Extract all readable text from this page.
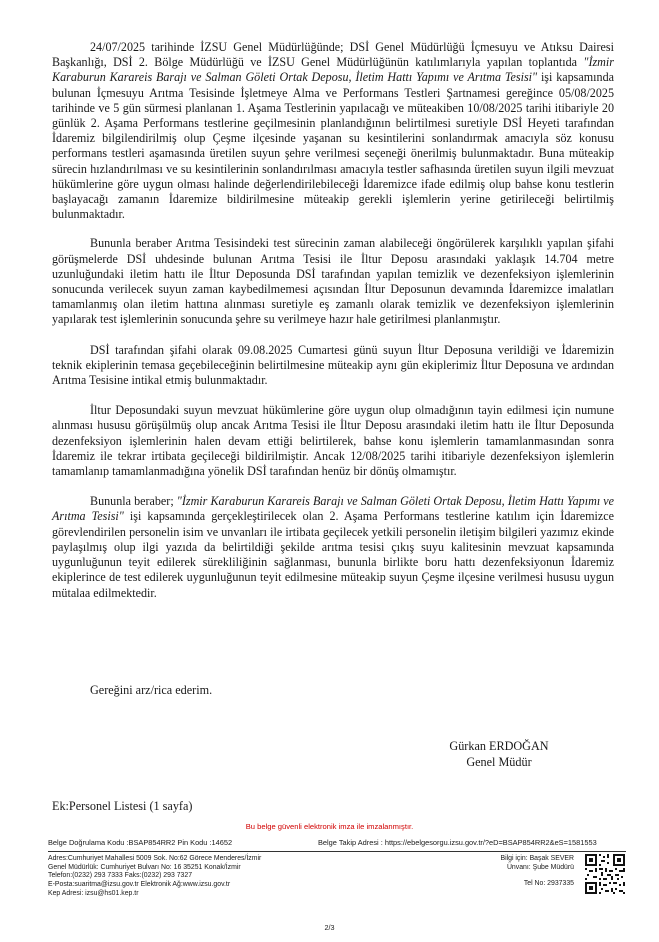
24/07/2025 tarihinde İZSU Genel Müdürlüğünde; DSİ Genel Müdürlüğü İçmesuyu ve Atıksu Dairesi Başkanlığı, DSİ 2. Bölge Müdürlüğü ve İZSU Genel Müdürlüğünün katılımlarıyla yapılan toplantıda "İzmir Karaburun Karareis Barajı ve Salman Göleti Ortak Deposu, İletim Hattı Yapımı ve Arıtma Tesisi" işi kapsamında bulunan İçmesuyu Arıtma Tesisinde İşletmeye Alma ve Performans Testleri Şartnamesi gereğince 05/08/2025 tarihinde ve 5 gün sürmesi planlanan 1. Aşama Testlerinin yapılacağı ve müteakiben 10/08/2025 tarihi itibariyle 20 günlük 2. Aşama Performans testlerine geçilmesinin planlandığının belirtilmesi suretiyle DSİ Heyeti tarafından İdaremiz bilgilendirilmiş olup Çeşme ilçesinde yaşanan su kesintilerini sonlandırmak amacıyla söz konusu performans testleri aşamasında üretilen suyun şehre verilmesi seçeneği önerilmiş bulunmaktadır. Buna müteakip sürecin hızlandırılması ve su kesintilerinin sonlandırılması amacıyla testler safhasında üretilen suyun ilgili mevzuat hükümlerine göre uygun olması halinde değerlendirilebileceği İdaremizce ifade edilmiş olup bahse konu testlerin başlayacağı zamanın İdaremize bildirilmesine müteakip gerekli işlemlerin yerine getirileceği belirtilmiş bulunmaktadır.

Bununla beraber Arıtma Tesisindeki test sürecinin zaman alabileceği öngörülerek karşılıklı yapılan şifahi görüşmelerde DSİ uhdesinde bulunan Arıtma Tesisi ile İltur Deposu arasındaki yaklaşık 14.704 metre uzunluğundaki iletim hattı ile İltur Deposunda DSİ tarafından yapılan temizlik ve dezenfeksiyon işlemlerinin sonucunda verilecek suyun zaman kaybedilmemesi açısından İltur Deposunun devamında İdaremizce imalatları tamamlanmış olan iletim hattına alınması suretiyle eş zamanlı olarak temizlik ve dezenfeksiyon işlemlerinin yapılarak test işlemlerinin sonucunda şehre su verilmeye hazır hale getirilmesi planlanmıştır.

DSİ tarafından şifahi olarak 09.08.2025 Cumartesi günü suyun İltur Deposuna verildiği ve İdaremizin teknik ekiplerinin temasa geçebileceğinin belirtilmesine müteakip aynı gün ekiplerimiz İltur Deposuna ve ardından Arıtma Tesisine intikal etmiş bulunmaktadır.

İltur Deposundaki suyun mevzuat hükümlerine göre uygun olup olmadığının tayin edilmesi için numune alınması hususu görüşülmüş olup ancak Arıtma Tesisi ile İltur Deposu arasındaki iletim hattı ile İltur Deposunda dezenfeksiyon işlemlerinin halen devam ettiği belirtilerek, bahse konu işlemlerin tamamlanmasından sonra İdaremiz ile tekrar irtibata geçileceği bildirilmiştir. Ancak 12/08/2025 tarihi itibariyle dezenfeksiyon işlemlerin tamamlanıp tamamlanmadığına yönelik DSİ tarafından henüz bir dönüş olmamıştır.

Bununla beraber; "İzmir Karaburun Karareis Barajı ve Salman Göleti Ortak Deposu, İletim Hattı Yapımı ve Arıtma Tesisi" işi kapsamında gerçekleştirilecek olan 2. Aşama Performans testlerine katılım için İdaremizce görevlendirilen personelin isim ve unvanları ile irtibata geçilecek yetkili personelin iletişim bilgileri yazımız ekinde paylaşılmış olup ilgi yazıda da belirtildiği şekilde arıtma tesisi çıkış suyu kalitesinin mevzuat kapsamında uygunluğunun teyit edilerek sürekliliğinin sağlanması, bununla birlikte boru hattı dezenfeksiyonun İdaremiz ekiplerince de test edilerek uygunluğunun teyit edilmesine müteakip suyun Çeşme ilçesine verilmesi hususu uygun mütalaa edilmektedir.

Gereğini arz/rica ederim.
Gürkan ERDOĞAN
Genel Müdür
Ek:Personel Listesi (1 sayfa)
Bu belge güvenli elektronik imza ile imzalanmıştır.
Belge Doğrulama Kodu :BSAP854RR2 Pin Kodu :14652	Belge Takip Adresi : https://ebelgesorgu.izsu.gov.tr/?eD=BSAP854RR2&eS=1581553
Adres:Cumhuriyet Mahallesi 5009 Sok. No:62 Görece Menderes/İzmir
Genel Müdürlük: Cumhuriyet Bulvarı No: 16 35251 Konak/İzmir
Telefon:(0232) 293 7333 Faks:(0232) 293 7327
E-Posta:suaritma@izsu.gov.tr Elektronik Ağ:www.izsu.gov.tr
Kep Adresi: izsu@hs01.kep.tr
Bilgi için: Başak SEVER
Ünvanı: Şube Müdürü
Tel No: 2937335
2/3
